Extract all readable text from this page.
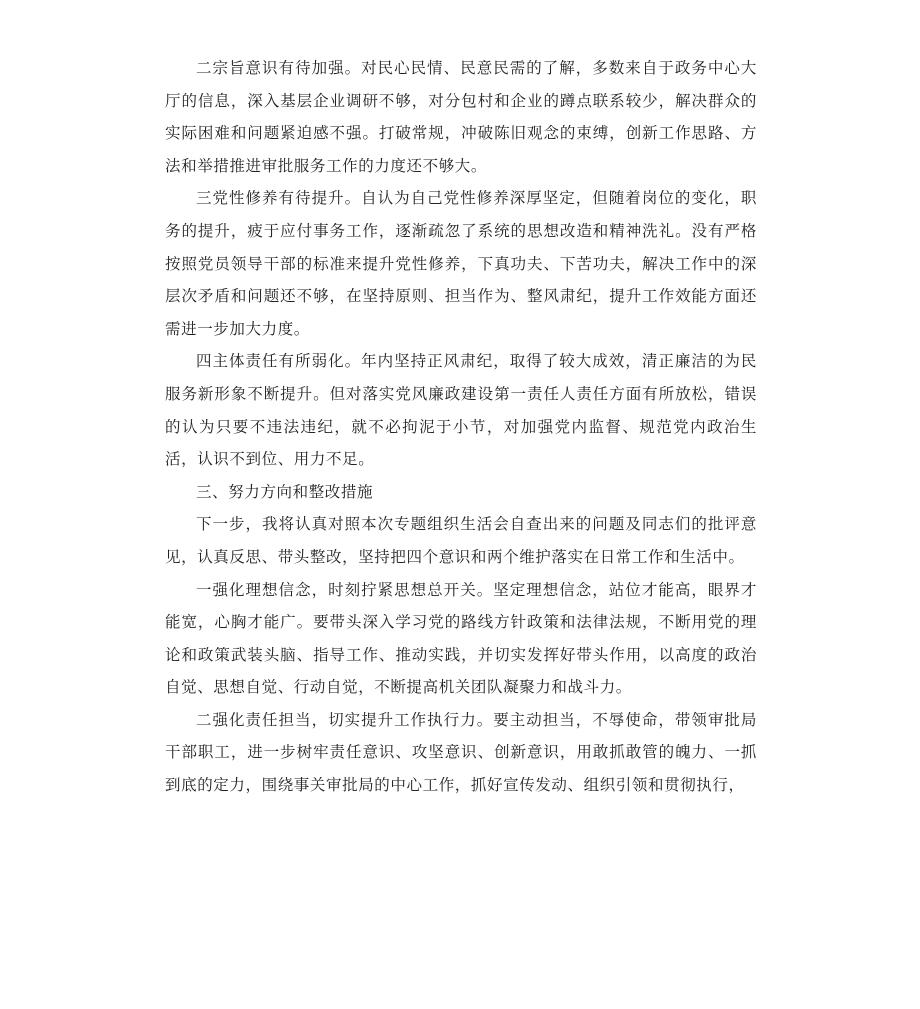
二宗旨意识有待加强。对民心民情、民意民需的了解，多数来自于政务中心大厅的信息，深入基层企业调研不够，对分包村和企业的蹲点联系较少，解决群众的实际困难和问题紧迫感不强。打破常规，冲破陈旧观念的束缚，创新工作思路、方法和举措推进审批服务工作的力度还不够大。

三党性修养有待提升。自认为自己党性修养深厚坚定，但随着岗位的变化，职务的提升，疲于应付事务工作，逐渐疏忽了系统的思想改造和精神洗礼。没有严格按照党员领导干部的标准来提升党性修养，下真功夫、下苦功夫，解决工作中的深层次矛盾和问题还不够，在坚持原则、担当作为、整风肃纪，提升工作效能方面还需进一步加大力度。

四主体责任有所弱化。年内坚持正风肃纪，取得了较大成效，清正廉洁的为民服务新形象不断提升。但对落实党风廉政建设第一责任人责任方面有所放松，错误的认为只要不违法违纪，就不必拘泥于小节，对加强党内监督、规范党内政治生活，认识不到位、用力不足。

三、努力方向和整改措施

下一步，我将认真对照本次专题组织生活会自查出来的问题及同志们的批评意见，认真反思、带头整改，坚持把四个意识和两个维护落实在日常工作和生活中。

一强化理想信念，时刻拧紧思想总开关。坚定理想信念，站位才能高，眼界才能宽，心胸才能广。要带头深入学习党的路线方针政策和法律法规，不断用党的理论和政策武装头脑、指导工作、推动实践，并切实发挥好带头作用，以高度的政治自觉、思想自觉、行动自觉，不断提高机关团队凝聚力和战斗力。

二强化责任担当，切实提升工作执行力。要主动担当，不辱使命，带领审批局干部职工，进一步树牢责任意识、攻坚意识、创新意识，用敢抓敢管的魄力、一抓到底的定力，围绕事关审批局的中心工作，抓好宣传发动、组织引领和贯彻执行，
